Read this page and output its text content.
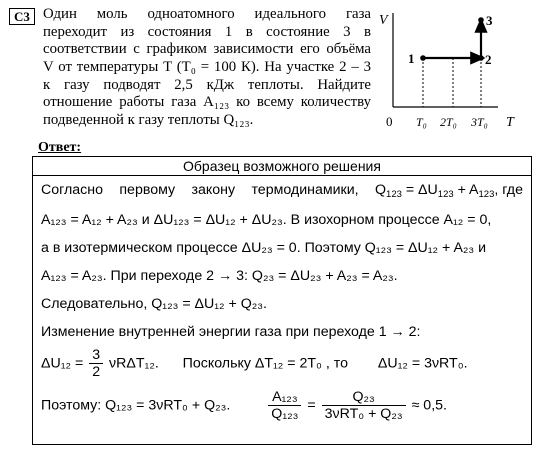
C3 Один моль одноатомного идеального газа
переходит из состояния 1 в состояние 3 в
соответствии с графиком зависимости его объёма
V от температуры T (T₀ = 100 К). На участке 2 – 3
к газу подводят 2,5 кДж теплоты. Найдите
отношение работы газа A₁₂₃ ко всему количеству
подведенной к газу теплоты Q₁₂₃.
V
T
0 T₀ 2T₀ 3T₀
1	2
3
Ответ:
Образец возможного решения
Согласно первому закону термодинамики, $Q_{123} = \Delta U_{123} + A_{123}$, где
A₁₂₃ = A₁₂ + A₂₃ и ΔU₁₂₃ = ΔU₁₂ + ΔU₂₃. В изохорном процессе A₁₂ = 0,
а в изотермическом процессе ΔU₂₃ = 0. Поэтому Q₁₂₃ = ΔU₁₂ + A₂₃ и
A₁₂₃ = A₂₃. При переходе 2 → 3: Q₂₃ = ΔU₂₃ + A₂₃ = A₂₃.
Следовательно, Q₁₂₃ = ΔU₁₂ + Q₂₃.
Изменение внутренней энергии газа при переходе 1 → 2:
$\Delta U_{12} = \frac{3}{2} \nu R\Delta T_{12}$. Поскольку ΔT₁₂ = 2T₀ , то ΔU₁₂ = 3νRT₀.
Поэтому: Q₁₂₃ = 3νRT₀ + Q₂₃.	$\frac{\text{A₁₂₃}}{\text{Q₁₂₃}} = \frac{\text{Q₂₃}}{\text{3νRT₀ + Q₂₃}} \approx 0,5$.
